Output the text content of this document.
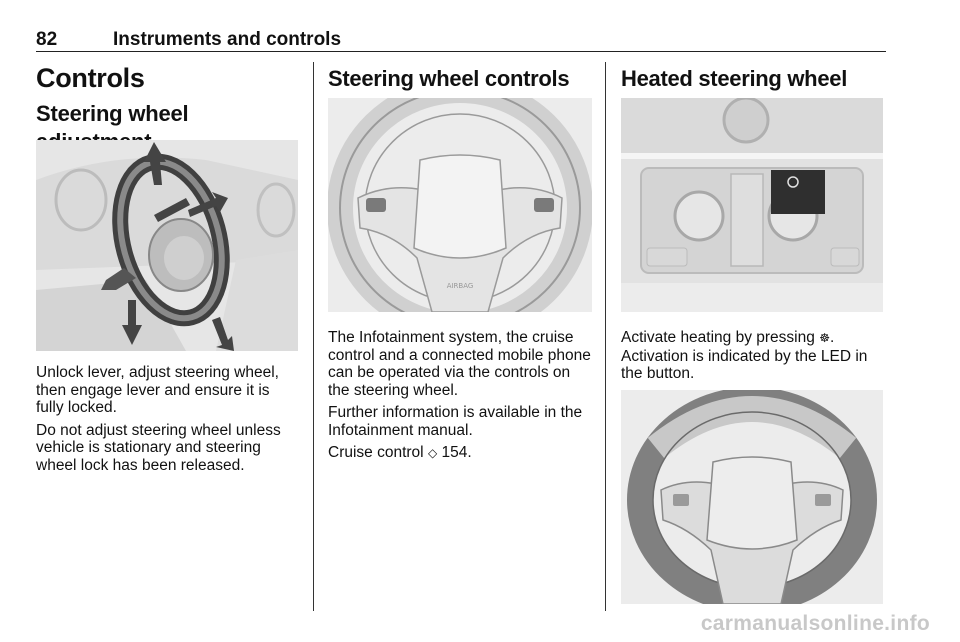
82	Instruments and controls
Controls
Steering wheel

Unlock lever, adjust steering wheel, then engage lever and ensure it is fully locked.

Do not adjust steering wheel unless vehicle is stationary and steering wheel lock has been released.

Steering wheel controls
AIRBAG

The Infotainment system, the cruise control and a connected mobile phone can be operated via the controls on the steering wheel.

Further information is available in the Infotainment manual.

Cruise control ◇ 154.

Heated steering wheel

Activate heating by pressing ☸.

Activation is indicated by the LED in the button.

carmanualsonline.info
